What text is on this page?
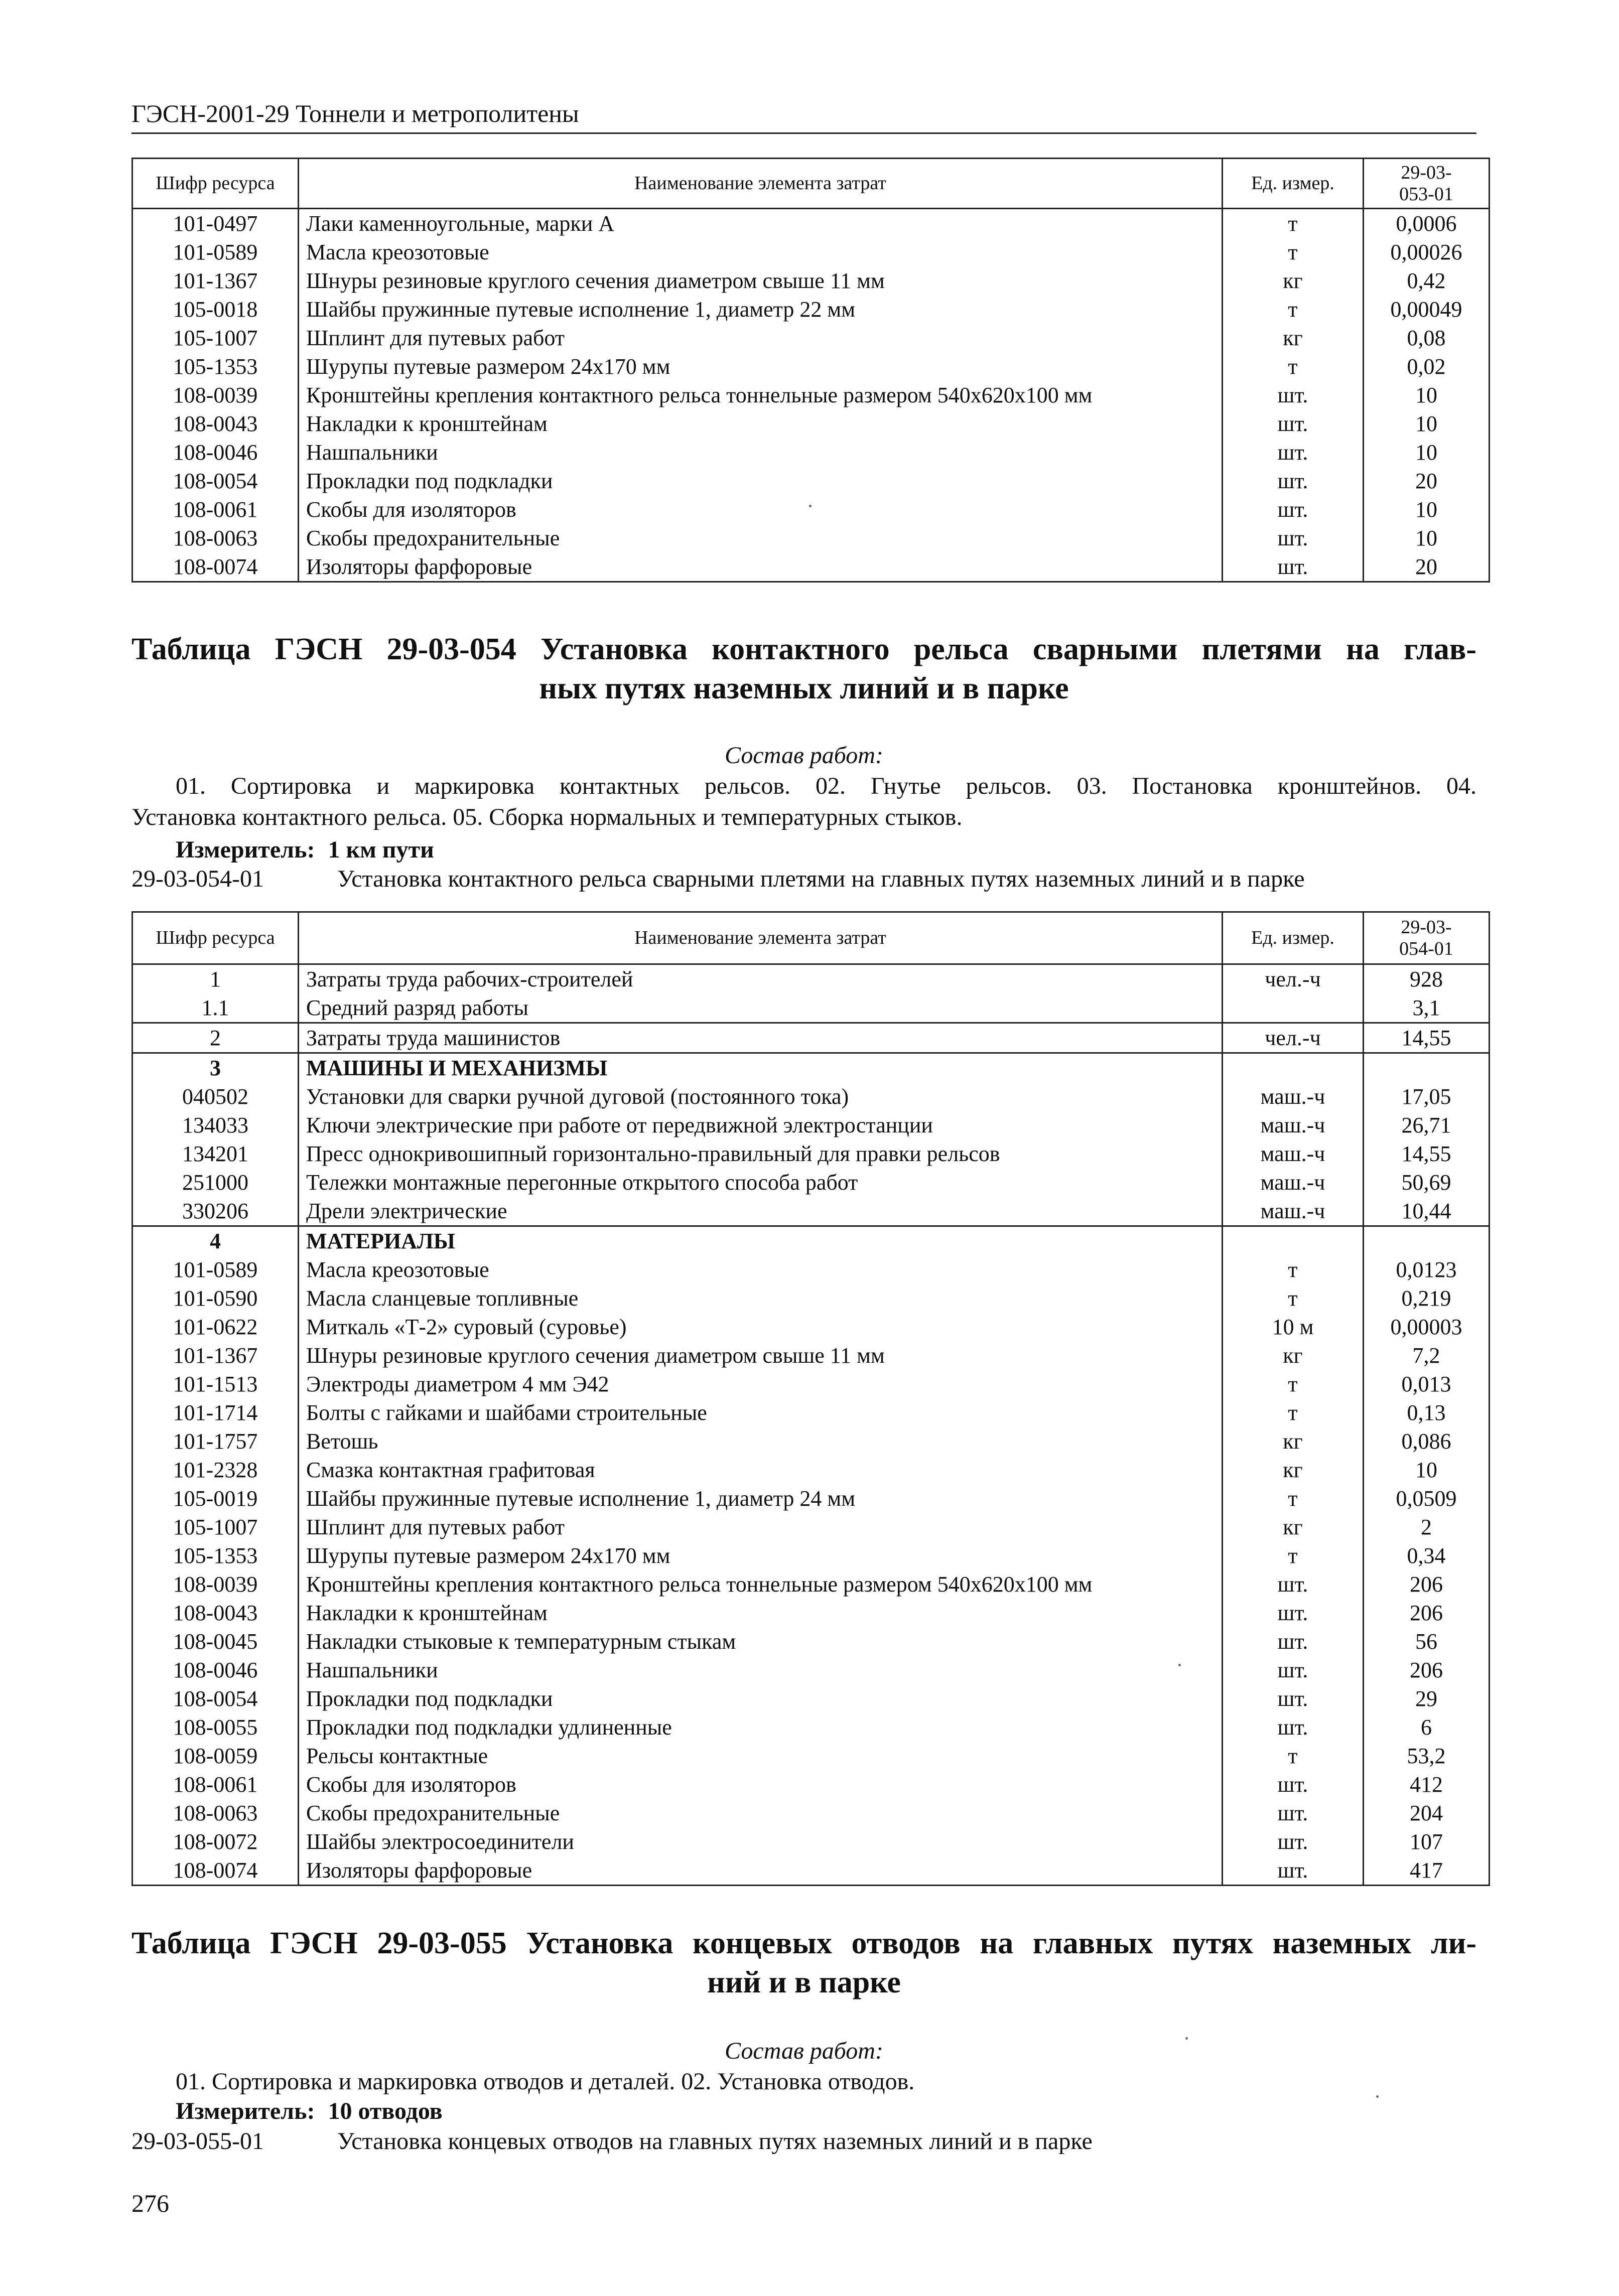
ГЭСН-2001-29 Тоннели и метрополитены
Шифр ресурса	Наименование элемента затрат	Ед. измер.	29-03-
053-01
101-0497	Лаки каменноугольные, марки А	т	0,0006
101-0589	Масла креозотовые	т	0,00026
101-1367	Шнуры резиновые круглого сечения диаметром свыше 11 мм	кг	0,42
105-0018	Шайбы пружинные путевые исполнение 1, диаметр 22 мм	т	0,00049
105-1007	Шплинт для путевых работ	кг	0,08
105-1353	Шурупы путевые размером 24х170 мм	т	0,02
108-0039	Кронштейны крепления контактного рельса тоннельные размером 540х620х100 мм	шт.	10
108-0043	Накладки к кронштейнам	шт.	10
108-0046	Нашпальники	шт.	10
108-0054	Прокладки под подкладки	шт.	20
108-0061	Скобы для изоляторов	шт.	10
108-0063	Скобы предохранительные	шт.	10
108-0074	Изоляторы фарфоровые	шт.	20
Таблица ГЭСН 29-03-054 Установка контактного рельса сварными плетями на глав-
ных путях наземных линий и в парке
Состав работ:
01. Сортировка и маркировка контактных рельсов. 02. Гнутье рельсов. 03. Постановка кронштейнов. 04.
Установка контактного рельса. 05. Сборка нормальных и температурных стыков.
Измеритель: 1 км пути
29-03-054-01	Установка контактного рельса сварными плетями на главных путях наземных линий и в парке
Шифр ресурса	Наименование элемента затрат	Ед. измер.	29-03-
054-01
1	Затраты труда рабочих-строителей	чел.-ч	928
1.1	Средний разряд работы		3,1
2	Затраты труда машинистов	чел.-ч	14,55
3	МАШИНЫ И МЕХАНИЗМЫ		
040502	Установки для сварки ручной дуговой (постоянного тока)	маш.-ч	17,05
134033	Ключи электрические при работе от передвижной электростанции	маш.-ч	26,71
134201	Пресс однокривошипный горизонтально-правильный для правки рельсов	маш.-ч	14,55
251000	Тележки монтажные перегонные открытого способа работ	маш.-ч	50,69
330206	Дрели электрические	маш.-ч	10,44
4	МАТЕРИАЛЫ		
101-0589	Масла креозотовые	т	0,0123
101-0590	Масла сланцевые топливные	т	0,219
101-0622	Миткаль «Т-2» суровый (суровье)	10 м	0,00003
101-1367	Шнуры резиновые круглого сечения диаметром свыше 11 мм	кг	7,2
101-1513	Электроды диаметром 4 мм Э42	т	0,013
101-1714	Болты с гайками и шайбами строительные	т	0,13
101-1757	Ветошь	кг	0,086
101-2328	Смазка контактная графитовая	кг	10
105-0019	Шайбы пружинные путевые исполнение 1, диаметр 24 мм	т	0,0509
105-1007	Шплинт для путевых работ	кг	2
105-1353	Шурупы путевые размером 24х170 мм	т	0,34
108-0039	Кронштейны крепления контактного рельса тоннельные размером 540х620х100 мм	шт.	206
108-0043	Накладки к кронштейнам	шт.	206
108-0045	Накладки стыковые к температурным стыкам	шт.	56
108-0046	Нашпальники	шт.	206
108-0054	Прокладки под подкладки	шт.	29
108-0055	Прокладки под подкладки удлиненные	шт.	6
108-0059	Рельсы контактные	т	53,2
108-0061	Скобы для изоляторов	шт.	412
108-0063	Скобы предохранительные	шт.	204
108-0072	Шайбы электросоединители	шт.	107
108-0074	Изоляторы фарфоровые	шт.	417
Таблица ГЭСН 29-03-055 Установка концевых отводов на главных путях наземных ли-
ний и в парке
Состав работ:
01. Сортировка и маркировка отводов и деталей. 02. Установка отводов.
Измеритель: 10 отводов
29-03-055-01	Установка концевых отводов на главных путях наземных линий и в парке
276
